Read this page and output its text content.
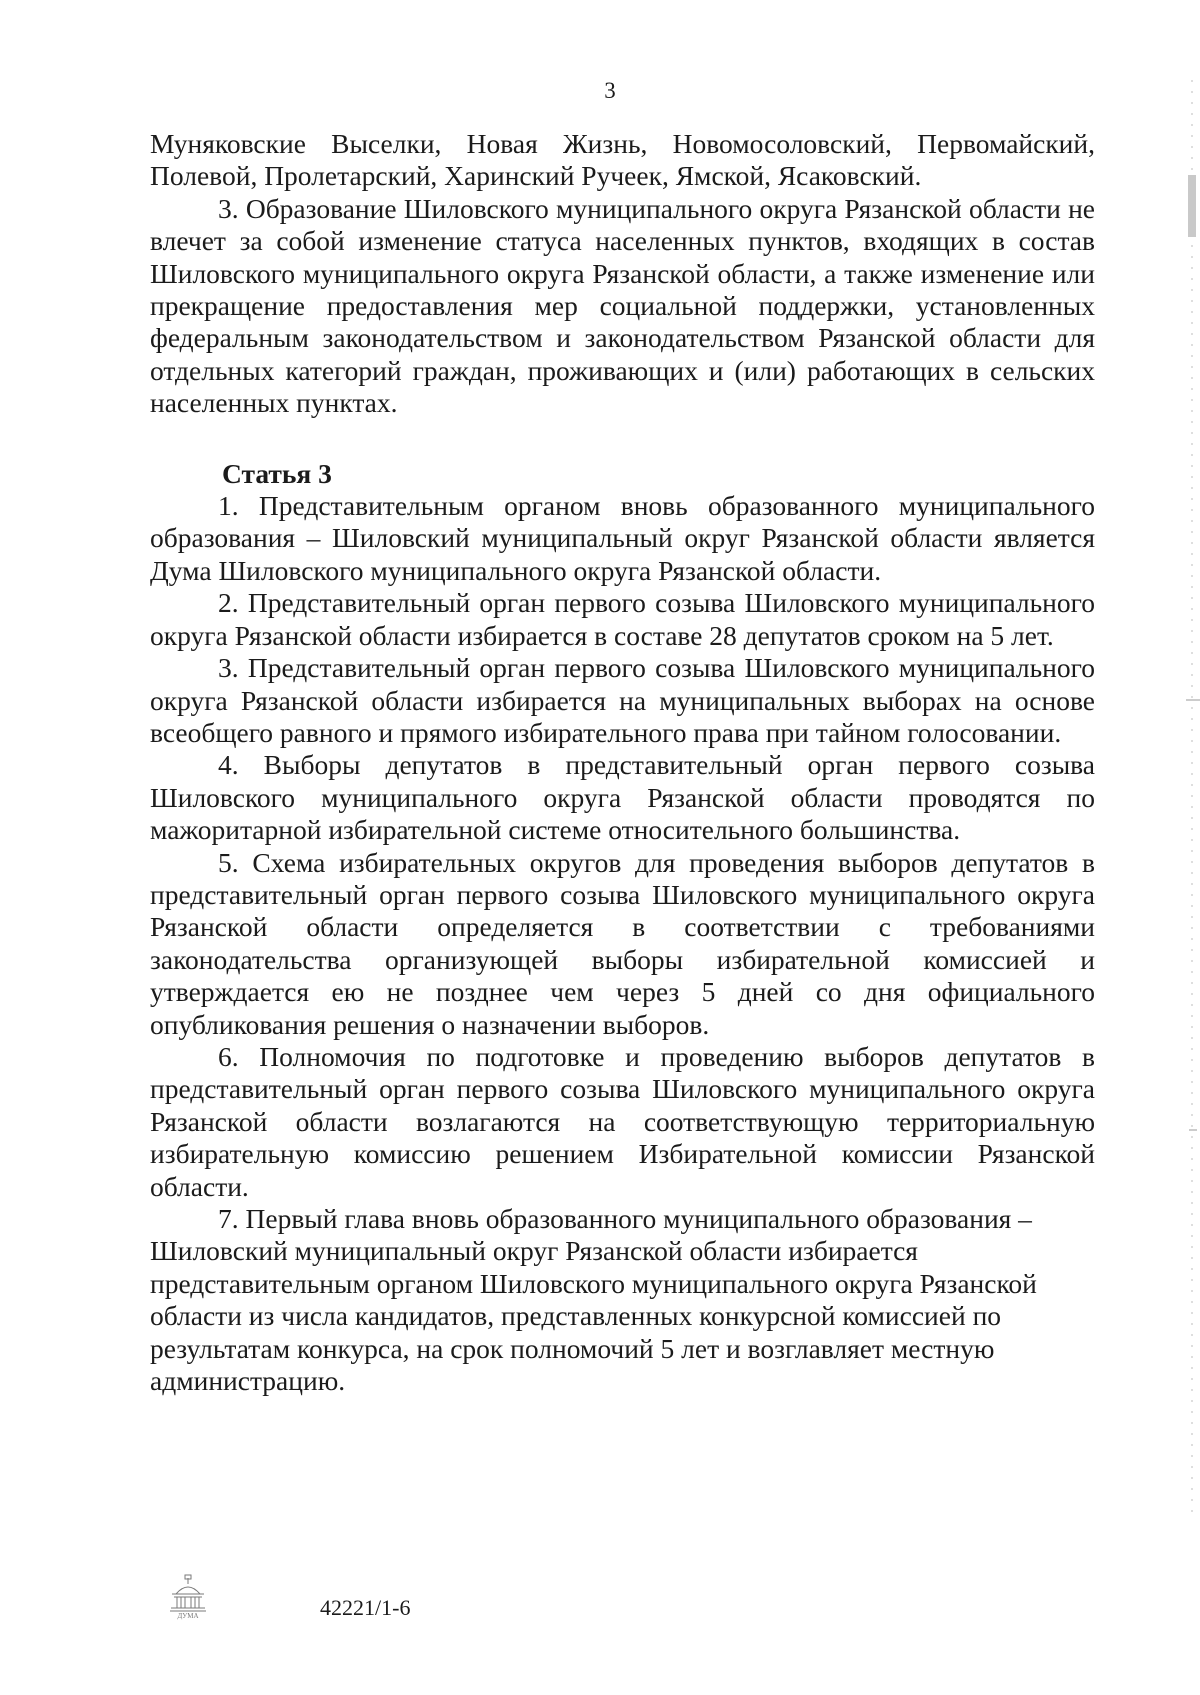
3

Муняковские Выселки, Новая Жизнь, Новомосоловский, Первомайский, Полевой, Пролетарский, Харинский Ручеек, Ямской, Ясаковский.

3. Образование Шиловского муниципального округа Рязанской области не влечет за собой изменение статуса населенных пунктов, входящих в состав Шиловского муниципального округа Рязанской области, а также изменение или прекращение предоставления мер социальной поддержки, установленных федеральным законодательством и законодательством Рязанской области для отдельных категорий граждан, проживающих и (или) работающих в сельских населенных пунктах.

Статья 3

1. Представительным органом вновь образованного муниципального образования – Шиловский муниципальный округ Рязанской области является Дума Шиловского муниципального округа Рязанской области.

2. Представительный орган первого созыва Шиловского муниципального округа Рязанской области избирается в составе 28 депутатов сроком на 5 лет.

3. Представительный орган первого созыва Шиловского муниципального округа Рязанской области избирается на муниципальных выборах на основе всеобщего равного и прямого избирательного права при тайном голосовании.

4. Выборы депутатов в представительный орган первого созыва Шиловского муниципального округа Рязанской области проводятся по мажоритарной избирательной системе относительного большинства.

5. Схема избирательных округов для проведения выборов депутатов в представительный орган первого созыва Шиловского муниципального округа Рязанской области определяется в соответствии с требованиями законодательства организующей выборы избирательной комиссией и утверждается ею не позднее чем через 5 дней со дня официального опубликования решения о назначении выборов.

6. Полномочия по подготовке и проведению выборов депутатов в представительный орган первого созыва Шиловского муниципального округа Рязанской области возлагаются на соответствующую территориальную избирательную комиссию решением Избирательной комиссии Рязанской области.

7. Первый глава вновь образованного муниципального образования – Шиловский муниципальный округ Рязанской области избирается представительным органом Шиловского муниципального округа Рязанской области из числа кандидатов, представленных конкурсной комиссией по результатам конкурса, на срок полномочий 5 лет и возглавляет местную администрацию.

ДУМА	42221/1-6
